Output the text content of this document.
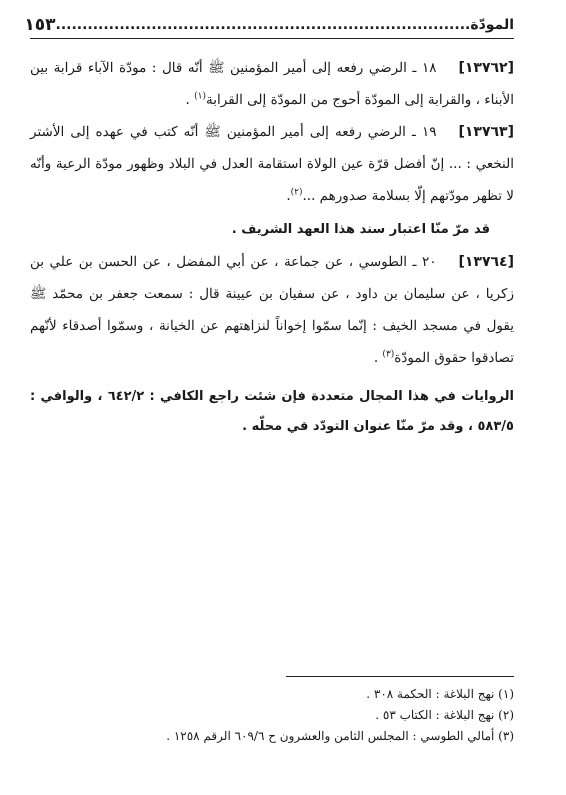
المودّة..............................................................................
١٥٣

[١٣٧٦٢]١٨ ـ الرضي رفعه إلى أمير المؤمنين ﷺ أنّه قال : مودّة الآباء قرابة بين الأبناء ، والقرابة إلى المودّة أحوج من المودّة إلى القرابة$^{(١)}$ .

[١٣٧٦٣]١٩ ـ الرضي رفعه إلى أمير المؤمنين ﷺ أنّه كتب في عهده إلى الأشتر النخعي : ... إنّ أفضل قرّة عين الولاة استقامة العدل في البلاد وظهور مودّة الرعية وأنّه لا تظهر مودّتهم إلّا بسلامة صدورهم ...$^{(٢)}$.

قد مرّ منّا اعتبار سند هذا العهد الشريف .

[١٣٧٦٤]٢٠ ـ الطوسي ، عن جماعة ، عن أبي المفضل ، عن الحسن بن علي بن زكريا ، عن سليمان بن داود ، عن سفيان بن عيينة قال : سمعت جعفر بن محمّد ﷺ يقول في مسجد الخيف : إنّما سمّوا إخواناً لنزاهتهم عن الخيانة ، وسمّوا أصدقاء لأنّهم تصادقوا حقوق المودّة$^{(٣)}$ .

الروايات في هذا المجال متعددة فإن شئت راجع الكافي : ٦٤٢/٢ ، والوافي : ٥٨٣/٥ ، وقد مرّ منّا عنوان التودّد في محلّه .

(١) نهج البلاغة : الحكمة ٣٠٨ .

(٢) نهج البلاغة : الكتاب ٥٣ .

(٣) أمالي الطوسي : المجلس الثامن والعشرون ح ٦٠٩/٦ الرقم ١٢٥٨ .
